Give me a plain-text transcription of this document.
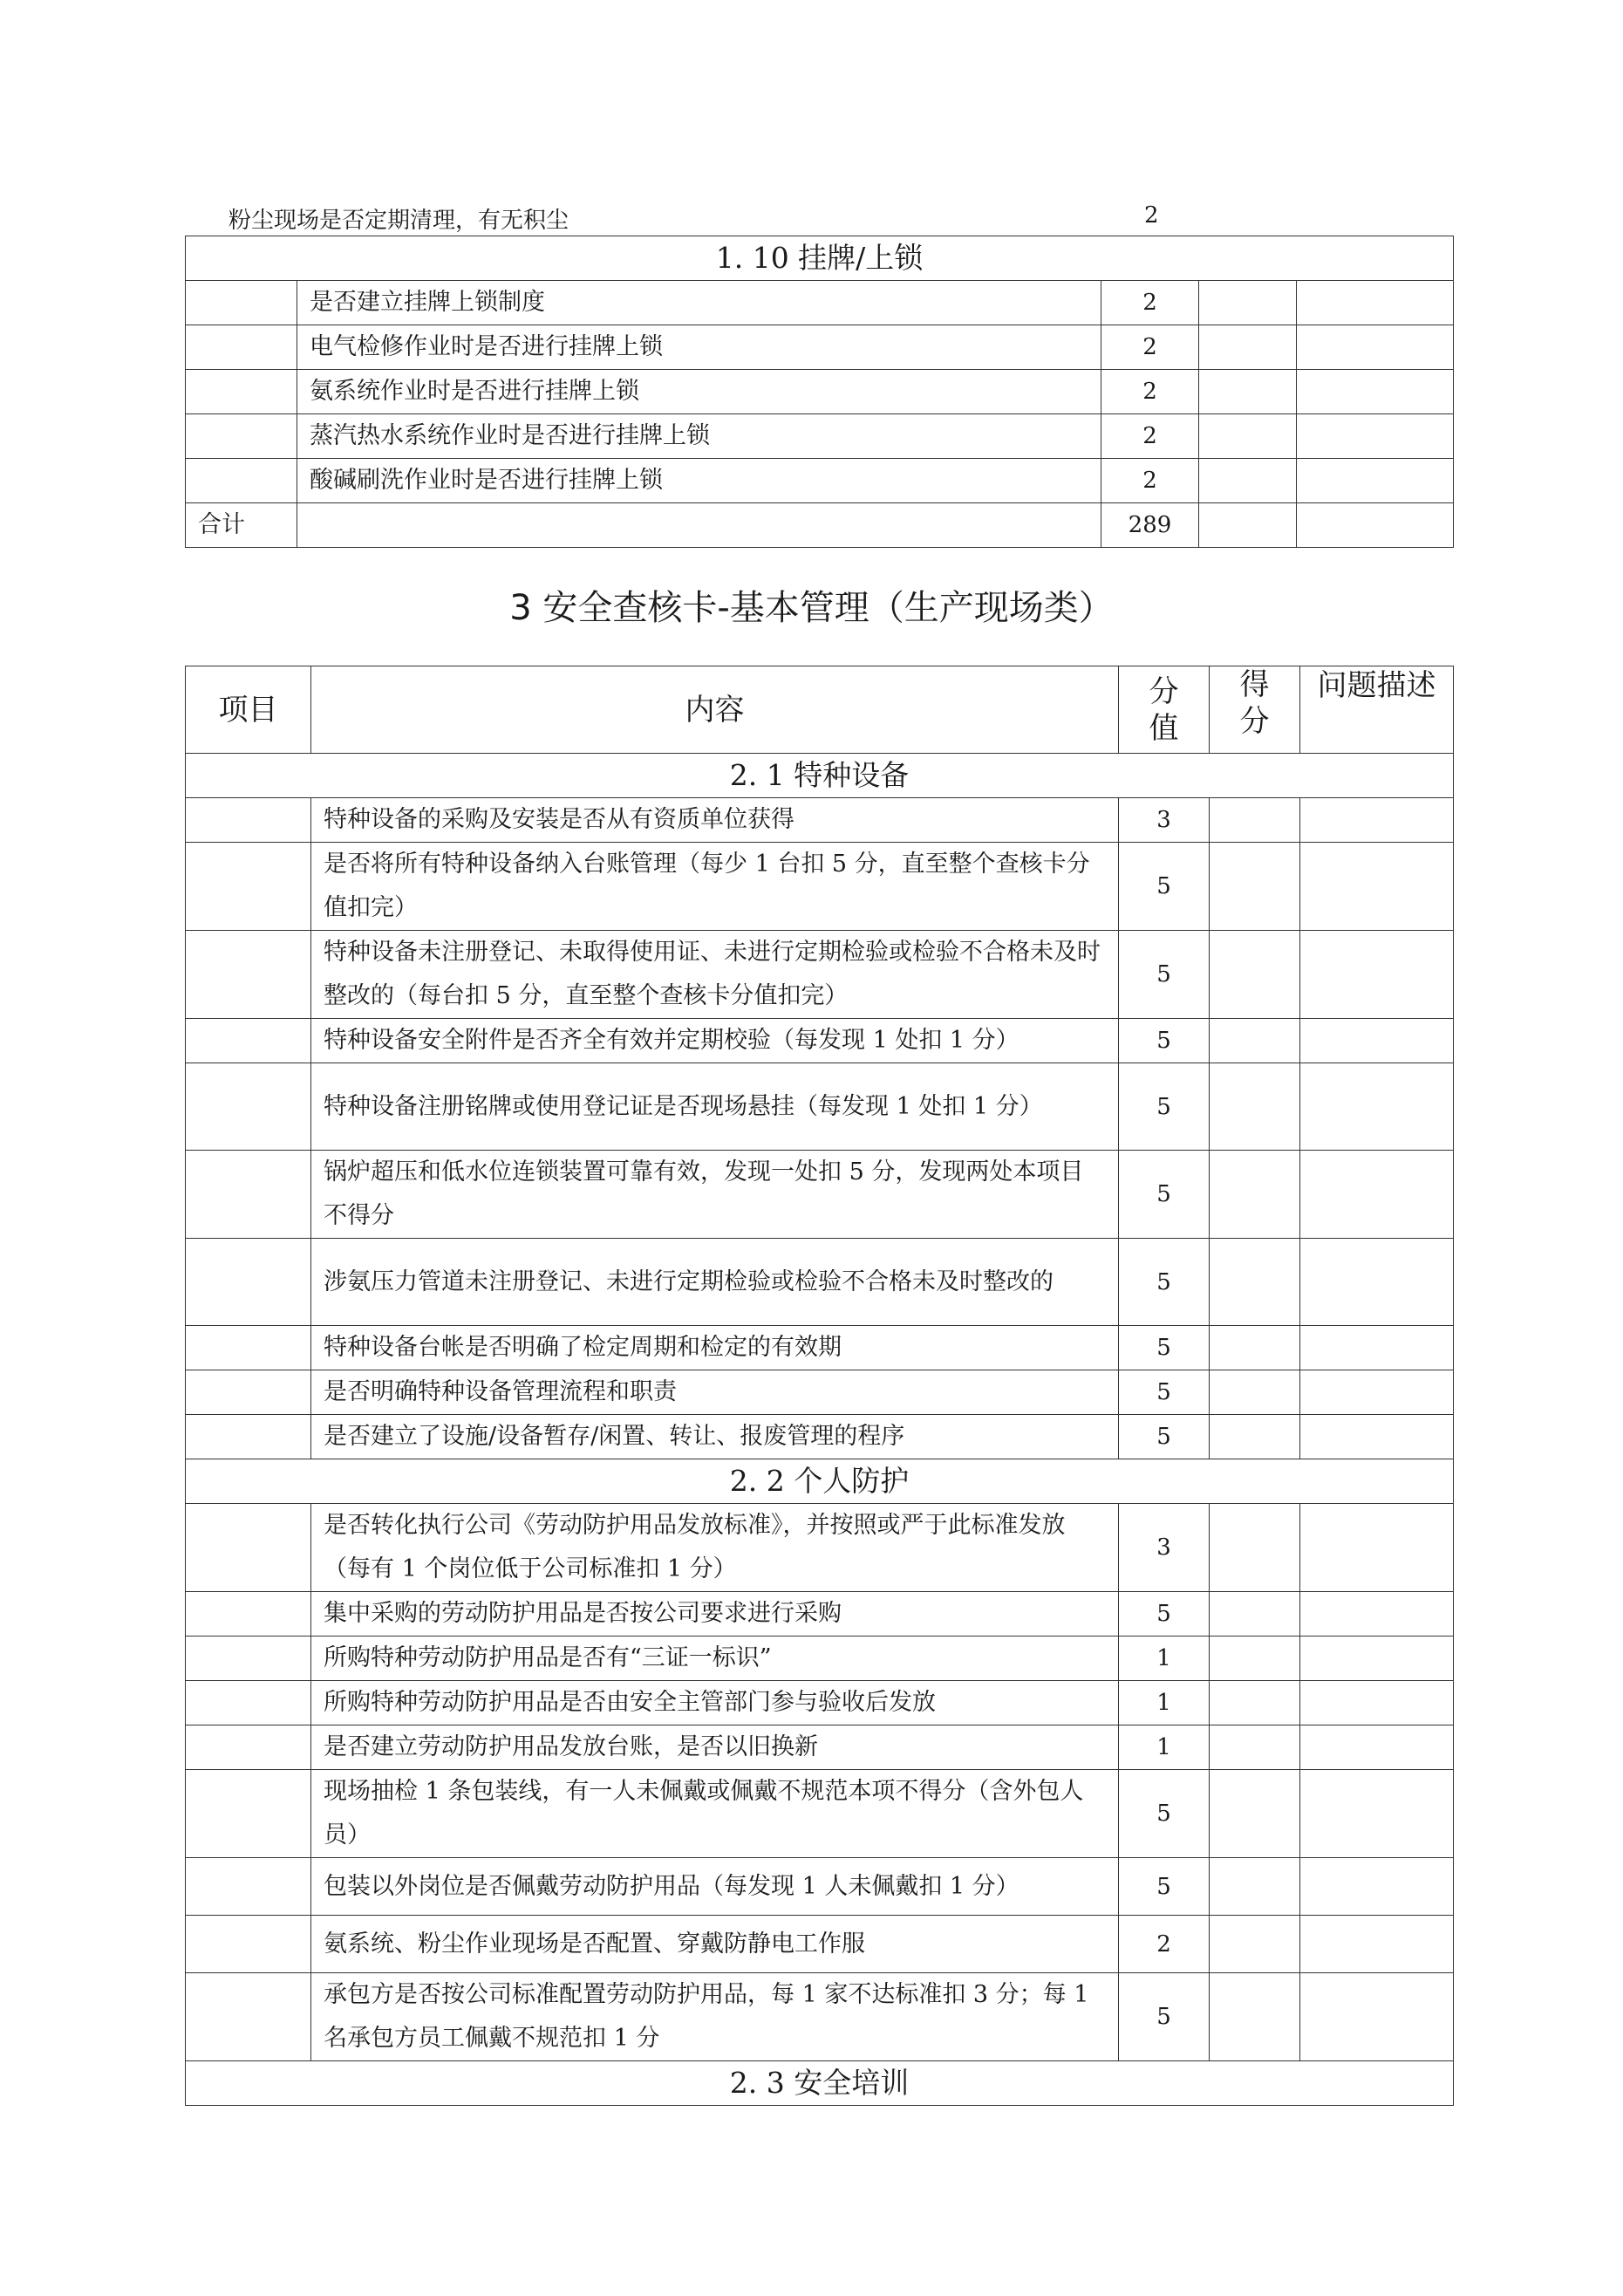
粉尘现场是否定期清理，有无积尘	2
1. 10 挂牌/上锁				
	是否建立挂牌上锁制度	2		
	电气检修作业时是否进行挂牌上锁	2		
	氨系统作业时是否进行挂牌上锁	2		
	蒸汽热水系统作业时是否进行挂牌上锁	2		
	酸碱刷洗作业时是否进行挂牌上锁	2		
合计		289		
3 安全查核卡-基本管理（生产现场类）
项目	内容	分值	得分	问题描述
2. 1 特种设备				
	特种设备的采购及安装是否从有资质单位获得	3		
	是否将所有特种设备纳入台账管理（每少 1 台扣 5 分，直至整个查核卡分值扣完）	5		
	特种设备未注册登记、未取得使用证、未进行定期检验或检验不合格未及时整改的（每台扣 5 分，直至整个查核卡分值扣完）	5		
	特种设备安全附件是否齐全有效并定期校验（每发现 1 处扣 1 分）	5		
	特种设备注册铭牌或使用登记证是否现场悬挂（每发现 1 处扣 1 分）	5		
	锅炉超压和低水位连锁装置可靠有效，发现一处扣 5 分，发现两处本项目不得分	5		
	涉氨压力管道未注册登记、未进行定期检验或检验不合格未及时整改的	5		
	特种设备台帐是否明确了检定周期和检定的有效期	5		
	是否明确特种设备管理流程和职责	5		
	是否建立了设施/设备暂存/闲置、转让、报废管理的程序	5		
2. 2 个人防护				
	是否转化执行公司《劳动防护用品发放标准》，并按照或严于此标准发放（每有 1 个岗位低于公司标准扣 1 分）	3		
	集中采购的劳动防护用品是否按公司要求进行采购	5		
	所购特种劳动防护用品是否有“三证一标识”	1		
	所购特种劳动防护用品是否由安全主管部门参与验收后发放	1		
	是否建立劳动防护用品发放台账，是否以旧换新	1		
	现场抽检 1 条包装线，有一人未佩戴或佩戴不规范本项不得分（含外包人员）	5		
	包装以外岗位是否佩戴劳动防护用品（每发现 1 人未佩戴扣 1 分）	5		
	氨系统、粉尘作业现场是否配置、穿戴防静电工作服	2		
	承包方是否按公司标准配置劳动防护用品，每 1 家不达标准扣 3 分；每 1 名承包方员工佩戴不规范扣 1 分	5		
2. 3 安全培训				
